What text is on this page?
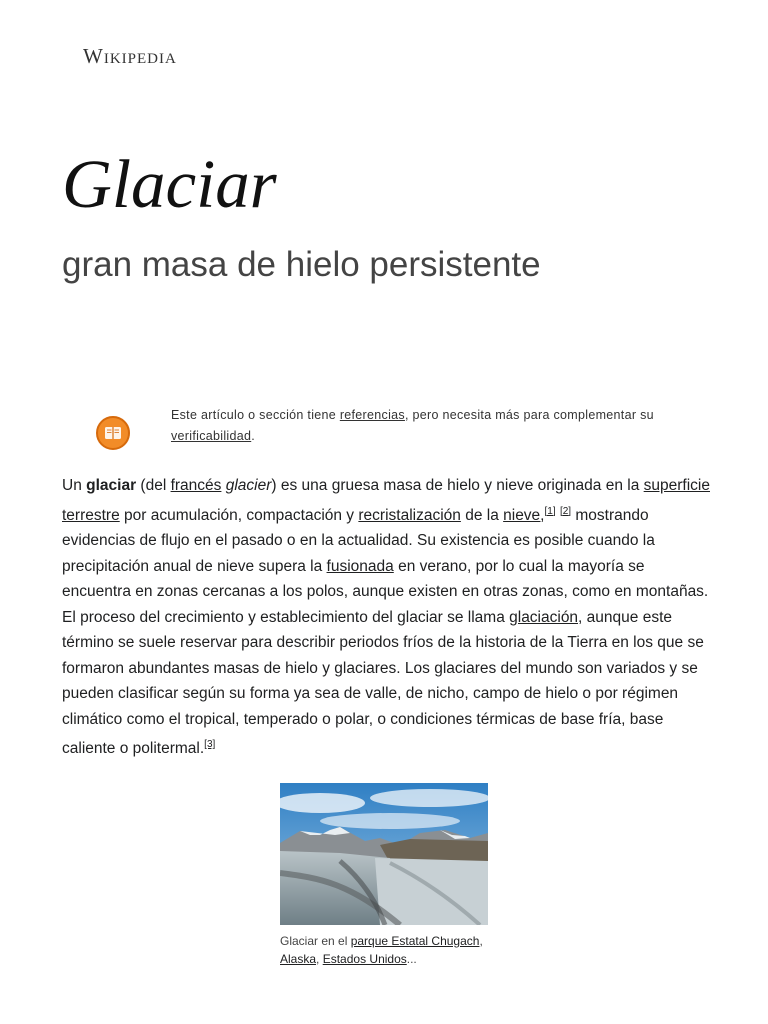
Wikipedia
Glaciar
gran masa de hielo persistente
Este artículo o sección tiene referencias, pero necesita más para complementar su verificabilidad.
Un glaciar (del francés glacier) es una gruesa masa de hielo y nieve originada en la superficie terrestre por acumulación, compactación y recristalización de la nieve,[1] [2] mostrando evidencias de flujo en el pasado o en la actualidad. Su existencia es posible cuando la precipitación anual de nieve supera la fusionada en verano, por lo cual la mayoría se encuentra en zonas cercanas a los polos, aunque existen en otras zonas, como en montañas. El proceso del crecimiento y establecimiento del glaciar se llama glaciación, aunque este término se suele reservar para describir periodos fríos de la historia de la Tierra en los que se formaron abundantes masas de hielo y glaciares. Los glaciares del mundo son variados y se pueden clasificar según su forma ya sea de valle, de nicho, campo de hielo o por régimen climático como el tropical, temperado o polar, o condiciones térmicas de base fría, base caliente o politermal.[3]
Glaciar en el parque Estatal Chugach, Alaska, Estados Unidos...
